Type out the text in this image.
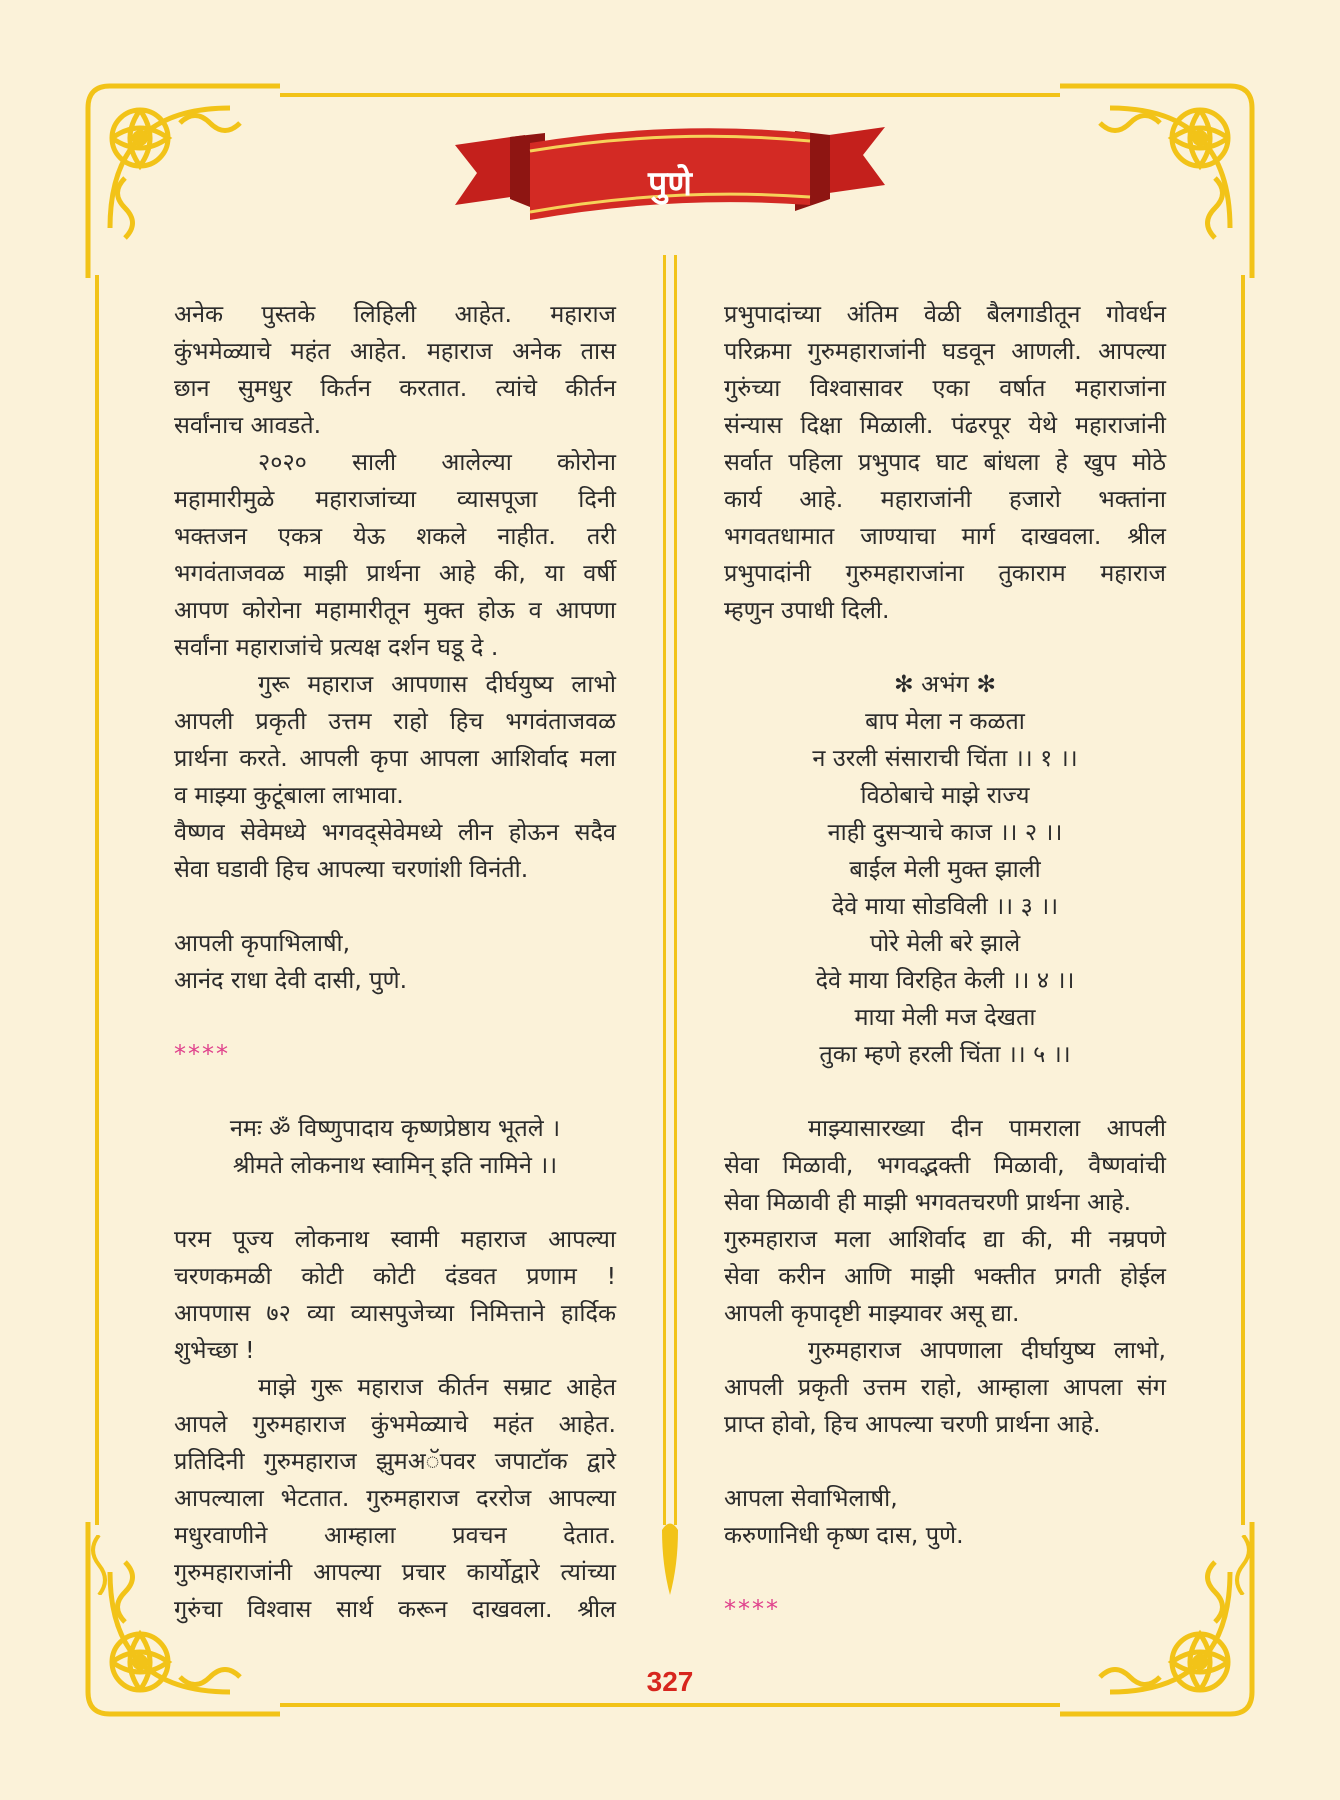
पुणे

अनेक पुस्तके लिहिली आहेत. महाराज

कुंभमेळ्याचे महंत आहेत. महाराज अनेक तास

छान सुमधुर किर्तन करतात. त्यांचे कीर्तन

सर्वांनाच आवडते.

२०२० साली आलेल्या कोरोना

महामारीमुळे महाराजांच्या व्यासपूजा दिनी

भक्तजन एकत्र येऊ शकले नाहीत. तरी

भगवंताजवळ माझी प्रार्थना आहे की, या वर्षी

आपण कोरोना महामारीतून मुक्त होऊ व आपणा

सर्वांना महाराजांचे प्रत्यक्ष दर्शन घडू दे .

गुरू महाराज आपणास दीर्घयुष्य लाभो

आपली प्रकृती उत्तम राहो हिच भगवंताजवळ

प्रार्थना करते. आपली कृपा आपला आशिर्वाद मला

व माझ्या कुटूंबाला लाभावा.

वैष्णव सेवेमध्ये भगवद्सेवेमध्ये लीन होऊन सदैव

सेवा घडावी हिच आपल्या चरणांशी विनंती.

आपली कृपाभिलाषी,

आनंद राधा देवी दासी, पुणे.

****

नमः ॐ विष्णुपादाय कृष्णप्रेष्ठाय भूतले ।

श्रीमते लोकनाथ स्वामिन् इति नामिने ।।

परम पूज्य लोकनाथ स्वामी महाराज आपल्या

चरणकमळी कोटी कोटी दंडवत प्रणाम !

आपणास ७२ व्या व्यासपुजेच्या निमित्ताने हार्दिक

शुभेच्छा !

माझे गुरू महाराज कीर्तन सम्राट आहेत

आपले गुरुमहाराज कुंभमेळ्याचे महंत आहेत.

प्रतिदिनी गुरुमहाराज झुमअॅपवर जपाटॉक द्वारे

आपल्याला भेटतात. गुरुमहाराज दररोज आपल्या

मधुरवाणीने आम्हाला प्रवचन देतात.

गुरुमहाराजांनी आपल्या प्रचार कार्योद्वारे त्यांच्या

गुरुंचा विश्वास सार्थ करून दाखवला. श्रील

प्रभुपादांच्या अंतिम वेळी बैलगाडीतून गोवर्धन

परिक्रमा गुरुमहाराजांनी घडवून आणली. आपल्या

गुरुंच्या विश्वासावर एका वर्षात महाराजांना

संन्यास दिक्षा मिळाली. पंढरपूर येथे महाराजांनी

सर्वात पहिला प्रभुपाद घाट बांधला हे खुप मोठे

कार्य आहे. महाराजांनी हजारो भक्तांना

भगवतधामात जाण्याचा मार्ग दाखवला. श्रील

प्रभुपादांनी गुरुमहाराजांना तुकाराम महाराज

म्हणुन उपाधी दिली.

✻ अभंग ✻

बाप मेला न कळता

न उरली संसाराची चिंता ।। १ ।।

विठोबाचे माझे राज्य

नाही दुसऱ्याचे काज ।। २ ।।

बाईल मेली मुक्त झाली

देवे माया सोडविली ।। ३ ।।

पोरे मेली बरे झाले

देवे माया विरहित केली ।। ४ ।।

माया मेली मज देखता

तुका म्हणे हरली चिंता ।। ५ ।।

माझ्यासारख्या दीन पामराला आपली

सेवा मिळावी, भगवद्भक्ती मिळावी, वैष्णवांची

सेवा मिळावी ही माझी भगवतचरणी प्रार्थना आहे.

गुरुमहाराज मला आशिर्वाद द्या की, मी नम्रपणे

सेवा करीन आणि माझी भक्तीत प्रगती होईल

आपली कृपादृष्टी माझ्यावर असू द्या.

गुरुमहाराज आपणाला दीर्घायुष्य लाभो,

आपली प्रकृती उत्तम राहो, आम्हाला आपला संग

प्राप्त होवो, हिच आपल्या चरणी प्रार्थना आहे.

आपला सेवाभिलाषी,

करुणानिधी कृष्ण दास, पुणे.

****

327
